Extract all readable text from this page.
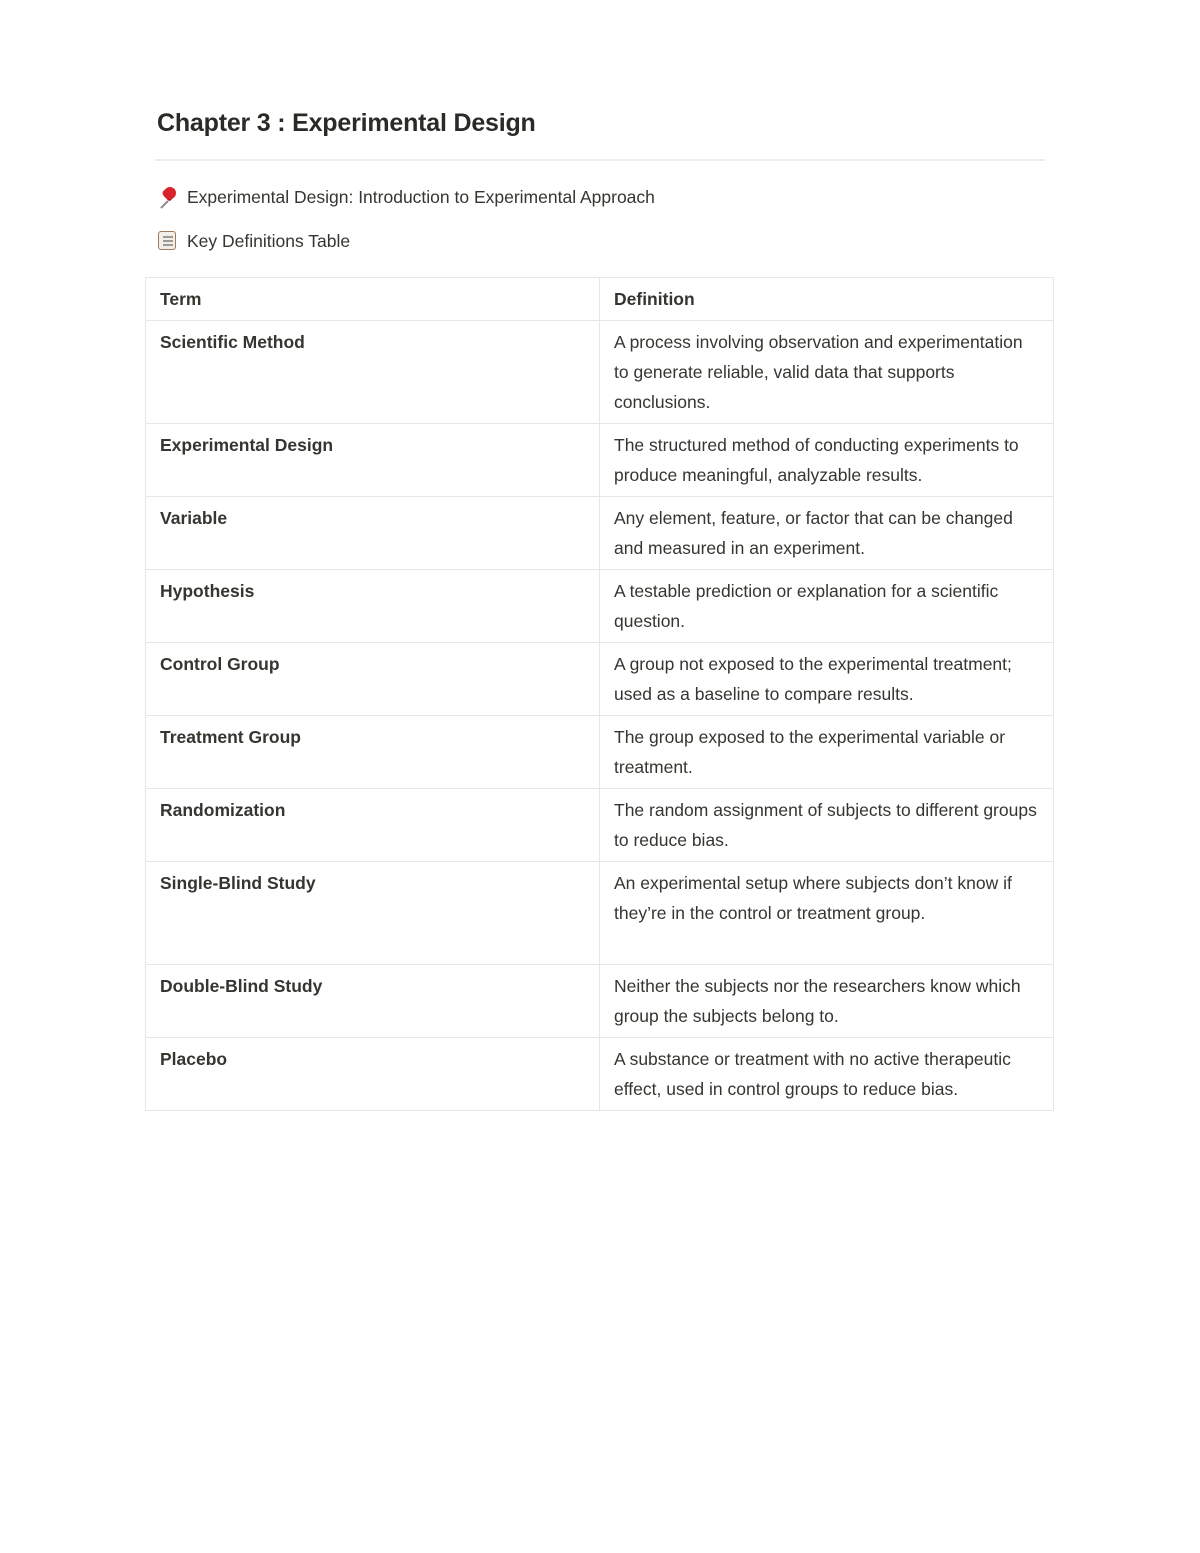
Chapter 3 : Experimental Design
Experimental Design: Introduction to Experimental Approach
Key Definitions Table
Term	Definition
Scientific Method	A process involving observation and experimentation to generate reliable, valid data that supports conclusions.
Experimental Design	The structured method of conducting experiments to produce meaningful, analyzable results.
Variable	Any element, feature, or factor that can be changed and measured in an experiment.
Hypothesis	A testable prediction or explanation for a scientific question.
Control Group	A group not exposed to the experimental treatment; used as a baseline to compare results.
Treatment Group	The group exposed to the experimental variable or treatment.
Randomization	The random assignment of subjects to different groups to reduce bias.
Single-Blind Study	An experimental setup where subjects don’t know if they’re in the control or treatment group.
Double-Blind Study	Neither the subjects nor the researchers know which group the subjects belong to.
Placebo	A substance or treatment with no active therapeutic effect, used in control groups to reduce bias.
